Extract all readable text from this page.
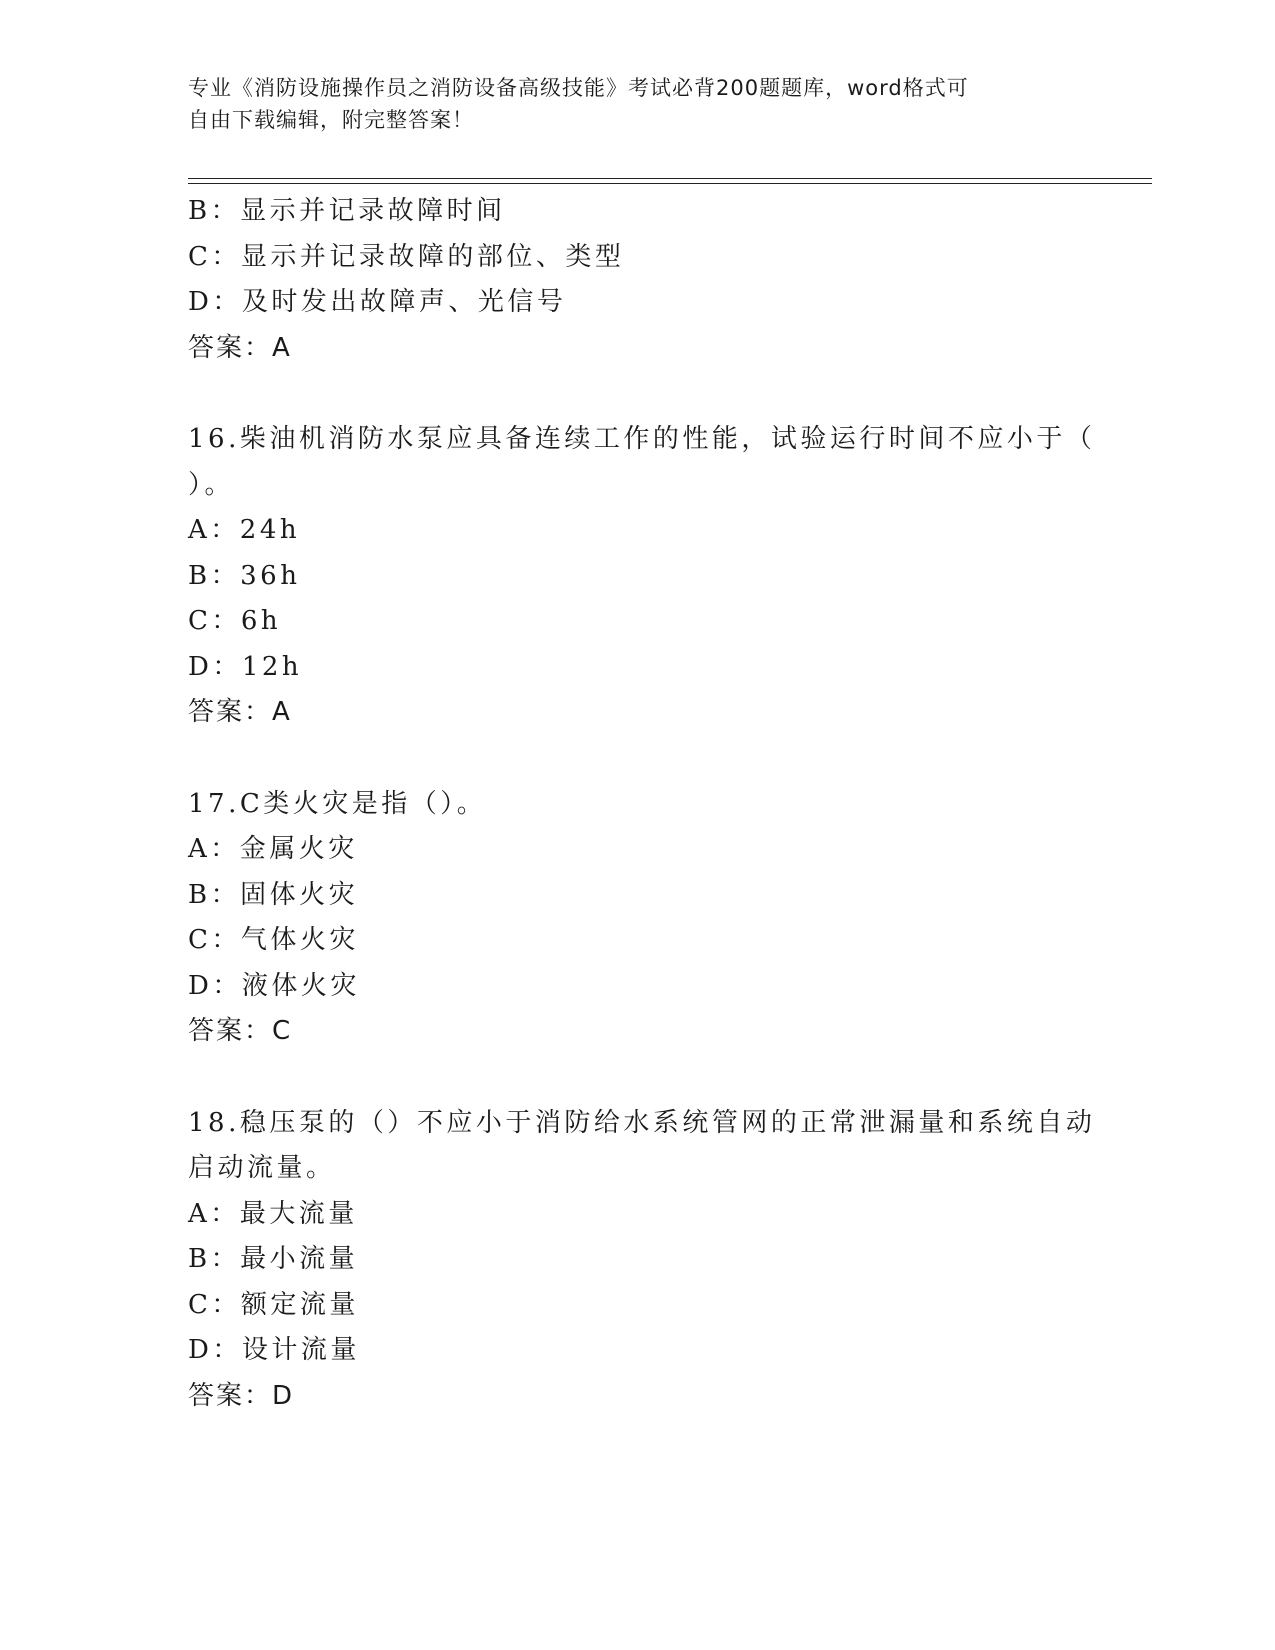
专业《消防设施操作员之消防设备高级技能》考试必背200题题库，word格式可
自由下载编辑，附完整答案！
B：显示并记录故障时间
C：显示并记录故障的部位、类型
D：及时发出故障声、光信号
答案：A
16.柴油机消防水泵应具备连续工作的性能，试验运行时间不应小于（
）。
A：24h
B：36h
C：6h
D：12h
答案：A
17.C类火灾是指（）。
A：金属火灾
B：固体火灾
C：气体火灾
D：液体火灾
答案：C
18.稳压泵的（）不应小于消防给水系统管网的正常泄漏量和系统自动
启动流量。
A：最大流量
B：最小流量
C：额定流量
D：设计流量
答案：D
